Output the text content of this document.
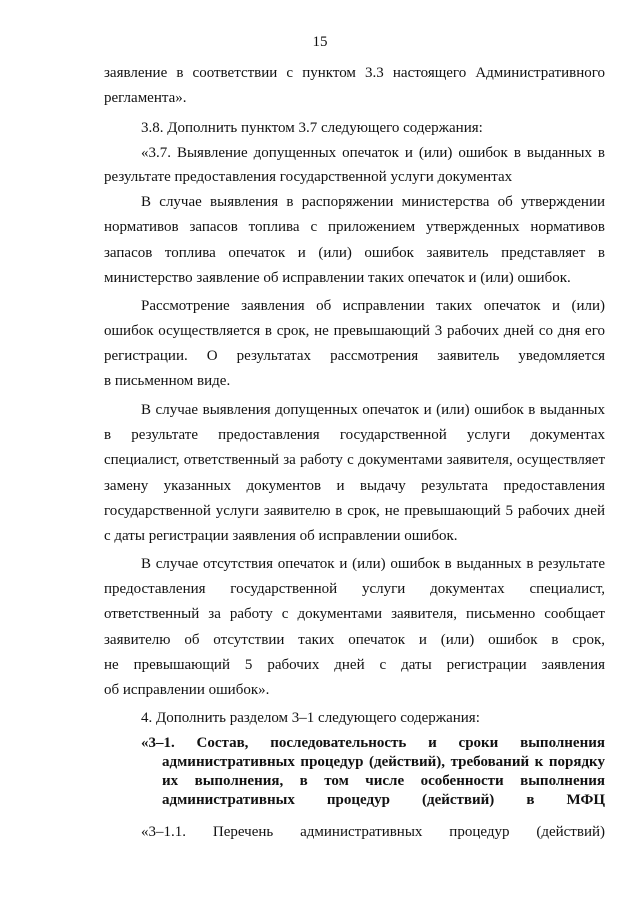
15
заявление в соответствии с пунктом 3.3 настоящего Административного
регламента».
3.8. Дополнить пунктом 3.7 следующего содержания:
«3.7. Выявление допущенных опечаток и (или) ошибок в выданных в
результате предоставления государственной услуги документах
В случае выявления в распоряжении министерства об утверждении
нормативов запасов топлива с приложением утвержденных нормативов
запасов топлива опечаток и (или) ошибок заявитель представляет в
министерство заявление об исправлении таких опечаток и (или) ошибок.
Рассмотрение заявления об исправлении таких опечаток и (или)
ошибок осуществляется в срок, не превышающий 3 рабочих дней со дня его
регистрации. О результатах рассмотрения заявитель уведомляется
в письменном виде.
В случае выявления допущенных опечаток и (или) ошибок в выданных
в результате предоставления государственной услуги документах
специалист, ответственный за работу с документами заявителя, осуществляет
замену указанных документов и выдачу результата предоставления
государственной услуги заявителю в срок, не превышающий 5 рабочих дней
с даты регистрации заявления об исправлении ошибок.
В случае отсутствия опечаток и (или) ошибок в выданных в результате
предоставления государственной услуги документах специалист,
ответственный за работу с документами заявителя, письменно сообщает
заявителю об отсутствии таких опечаток и (или) ошибок в срок,
не превышающий 5 рабочих дней с даты регистрации заявления
об исправлении ошибок».
4. Дополнить разделом 3–1 следующего содержания:
«3–1. Состав, последовательность и сроки выполнения
административных процедур (действий), требований к порядку
их выполнения, в том числе особенности выполнения
административных процедур (действий) в МФЦ
«3–1.1. Перечень административных процедур (действий)
